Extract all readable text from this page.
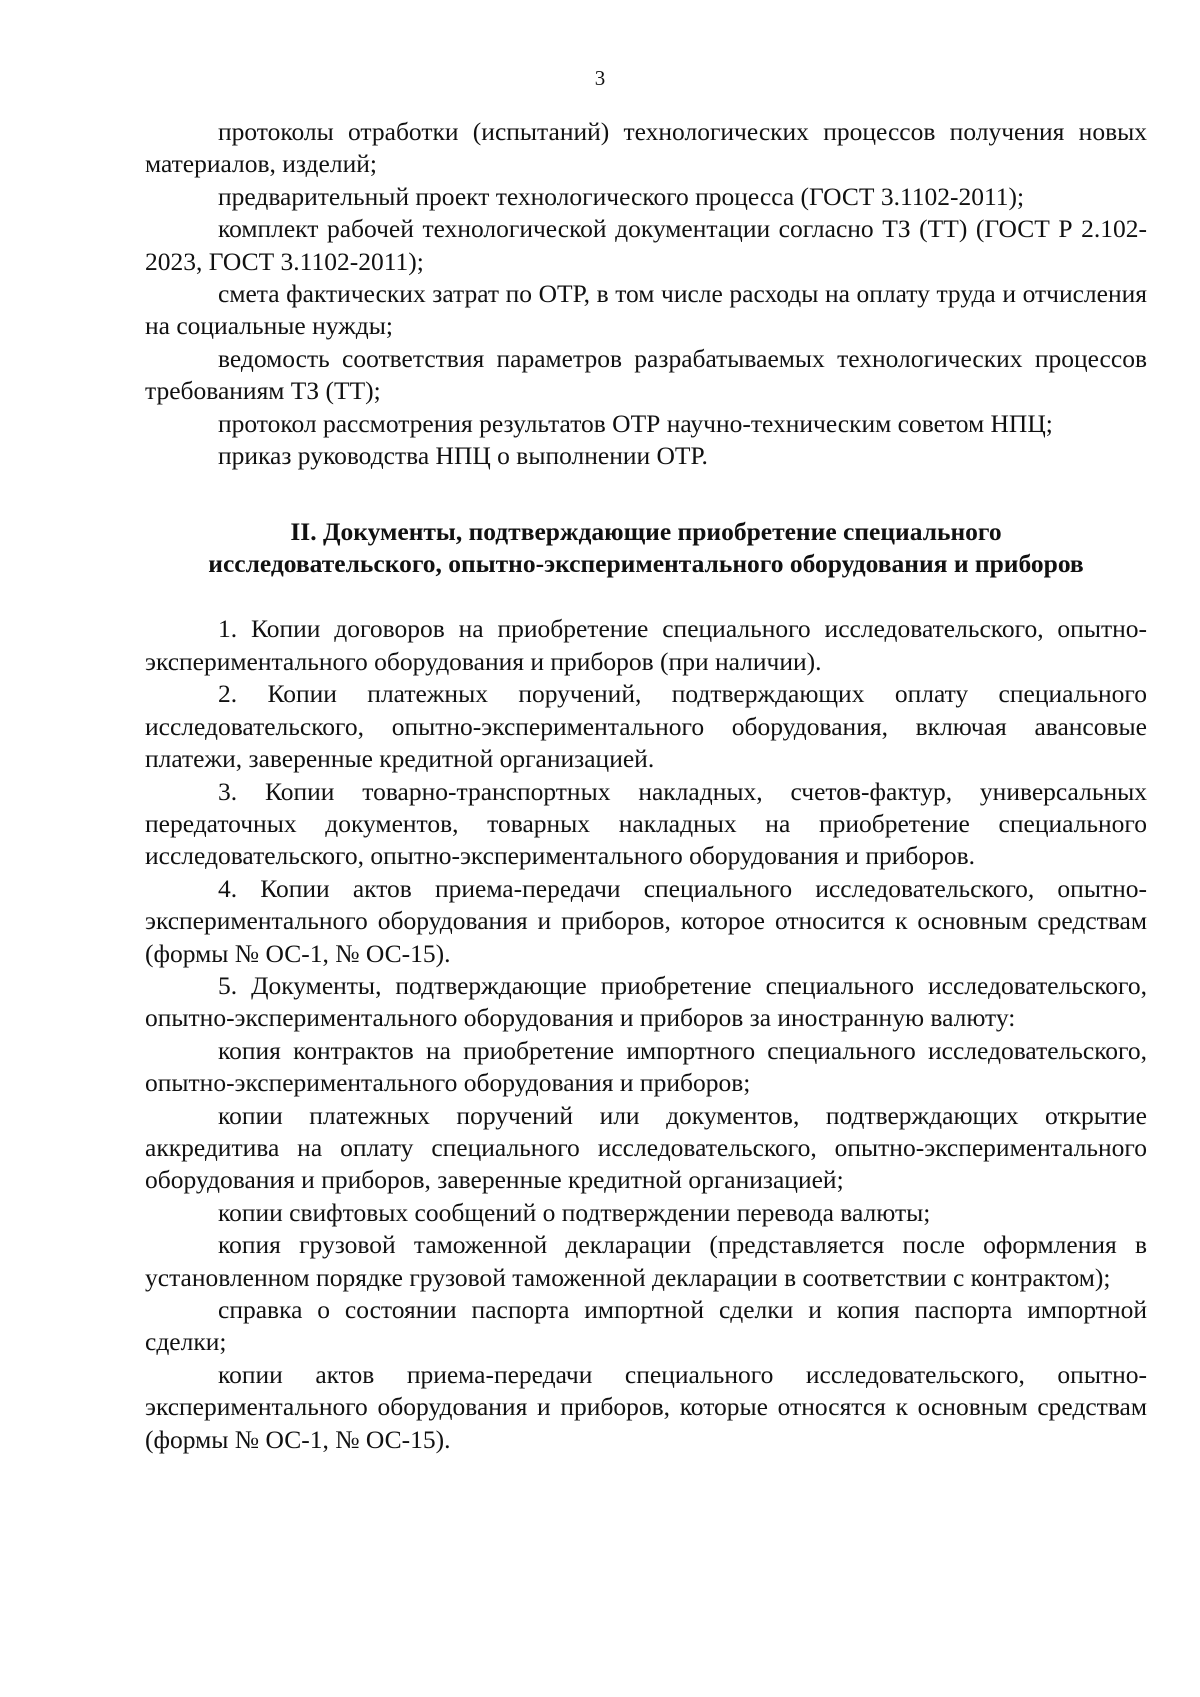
3

протоколы отработки (испытаний) технологических процессов получения новых материалов, изделий;

предварительный проект технологического процесса (ГОСТ 3.1102-2011);

комплект рабочей технологической документации согласно ТЗ (ТТ) (ГОСТ Р 2.102-2023, ГОСТ 3.1102-2011);

смета фактических затрат по ОТР, в том числе расходы на оплату труда и отчисления на социальные нужды;

ведомость соответствия параметров разрабатываемых технологических процессов требованиям ТЗ (ТТ);

протокол рассмотрения результатов ОТР научно-техническим советом НПЦ;

приказ руководства НПЦ о выполнении ОТР.

II. Документы, подтверждающие приобретение специального
исследовательского, опытно-экспериментального оборудования и приборов

1. Копии договоров на приобретение специального исследовательского, опытно-экспериментального оборудования и приборов (при наличии).

2. Копии платежных поручений, подтверждающих оплату специального исследовательского, опытно-экспериментального оборудования, включая авансовые платежи, заверенные кредитной организацией.

3. Копии товарно-транспортных накладных, счетов-фактур, универсальных передаточных документов, товарных накладных на приобретение специального исследовательского, опытно-экспериментального оборудования и приборов.

4. Копии актов приема-передачи специального исследовательского, опытно-экспериментального оборудования и приборов, которое относится к основным средствам (формы № ОС-1, № ОС-15).

5. Документы, подтверждающие приобретение специального исследовательского, опытно-экспериментального оборудования и приборов за иностранную валюту:

копия контрактов на приобретение импортного специального исследовательского, опытно-экспериментального оборудования и приборов;

копии платежных поручений или документов, подтверждающих открытие аккредитива на оплату специального исследовательского, опытно-экспериментального оборудования и приборов, заверенные кредитной организацией;

копии свифтовых сообщений о подтверждении перевода валюты;

копия грузовой таможенной декларации (представляется после оформления в установленном порядке грузовой таможенной декларации в соответствии с контрактом);

справка о состоянии паспорта импортной сделки и копия паспорта импортной сделки;

копии актов приема-передачи специального исследовательского, опытно-экспериментального оборудования и приборов, которые относятся к основным средствам (формы № ОС-1, № ОС-15).
